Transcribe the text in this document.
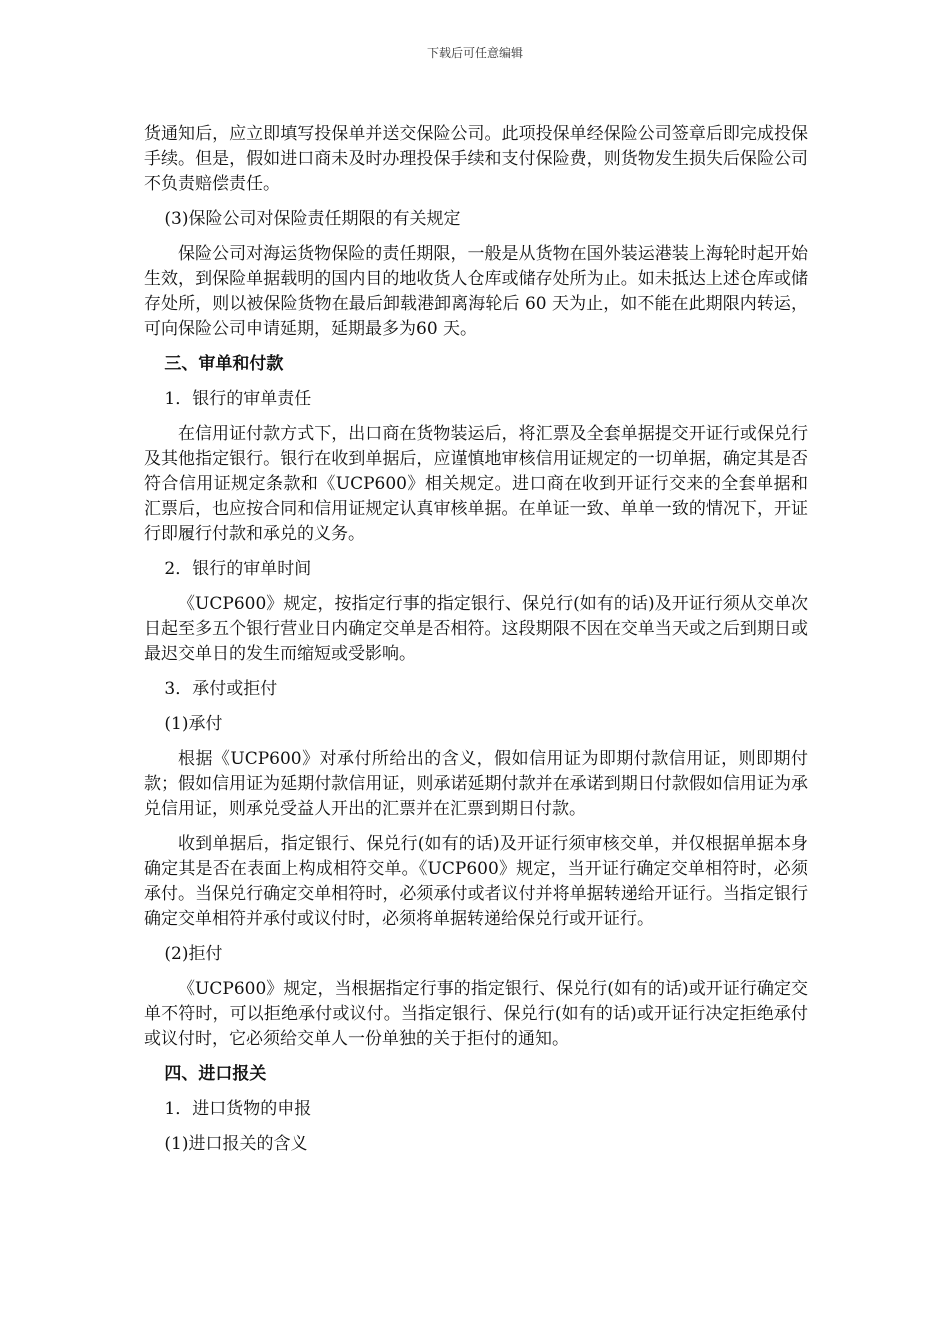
下载后可任意编辑

货通知后，应立即填写投保单并送交保险公司。此项投保单经保险公司签章后即完成投保手续。但是，假如进口商未及时办理投保手续和支付保险费，则货物发生损失后保险公司不负责赔偿责任。

(3)保险公司对保险责任期限的有关规定

保险公司对海运货物保险的责任期限，一般是从货物在国外装运港装上海轮时起开始生效，到保险单据载明的国内目的地收货人仓库或储存处所为止。如未抵达上述仓库或储存处所，则以被保险货物在最后卸载港卸离海轮后 60 天为止，如不能在此期限内转运，可向保险公司申请延期，延期最多为60 天。

三、审单和付款

1．银行的审单责任

在信用证付款方式下，出口商在货物装运后，将汇票及全套单据提交开证行或保兑行及其他指定银行。银行在收到单据后，应谨慎地审核信用证规定的一切单据，确定其是否符合信用证规定条款和《UCP600》相关规定。进口商在收到开证行交来的全套单据和汇票后，也应按合同和信用证规定认真审核单据。在单证一致、单单一致的情况下，开证行即履行付款和承兑的义务。

2．银行的审单时间

《UCP600》规定，按指定行事的指定银行、保兑行(如有的话)及开证行须从交单次日起至多五个银行营业日内确定交单是否相符。这段期限不因在交单当天或之后到期日或最迟交单日的发生而缩短或受影响。

3．承付或拒付

(1)承付

根据《UCP600》对承付所给出的含义，假如信用证为即期付款信用证，则即期付款；假如信用证为延期付款信用证，则承诺延期付款并在承诺到期日付款假如信用证为承兑信用证，则承兑受益人开出的汇票并在汇票到期日付款。

收到单据后，指定银行、保兑行(如有的话)及开证行须审核交单，并仅根据单据本身确定其是否在表面上构成相符交单。《UCP600》规定，当开证行确定交单相符时，必须承付。当保兑行确定交单相符时，必须承付或者议付并将单据转递给开证行。当指定银行确定交单相符并承付或议付时，必须将单据转递给保兑行或开证行。

(2)拒付

《UCP600》规定，当根据指定行事的指定银行、保兑行(如有的话)或开证行确定交单不符时，可以拒绝承付或议付。当指定银行、保兑行(如有的话)或开证行决定拒绝承付或议付时，它必须给交单人一份单独的关于拒付的通知。

四、进口报关

1．进口货物的申报

(1)进口报关的含义
